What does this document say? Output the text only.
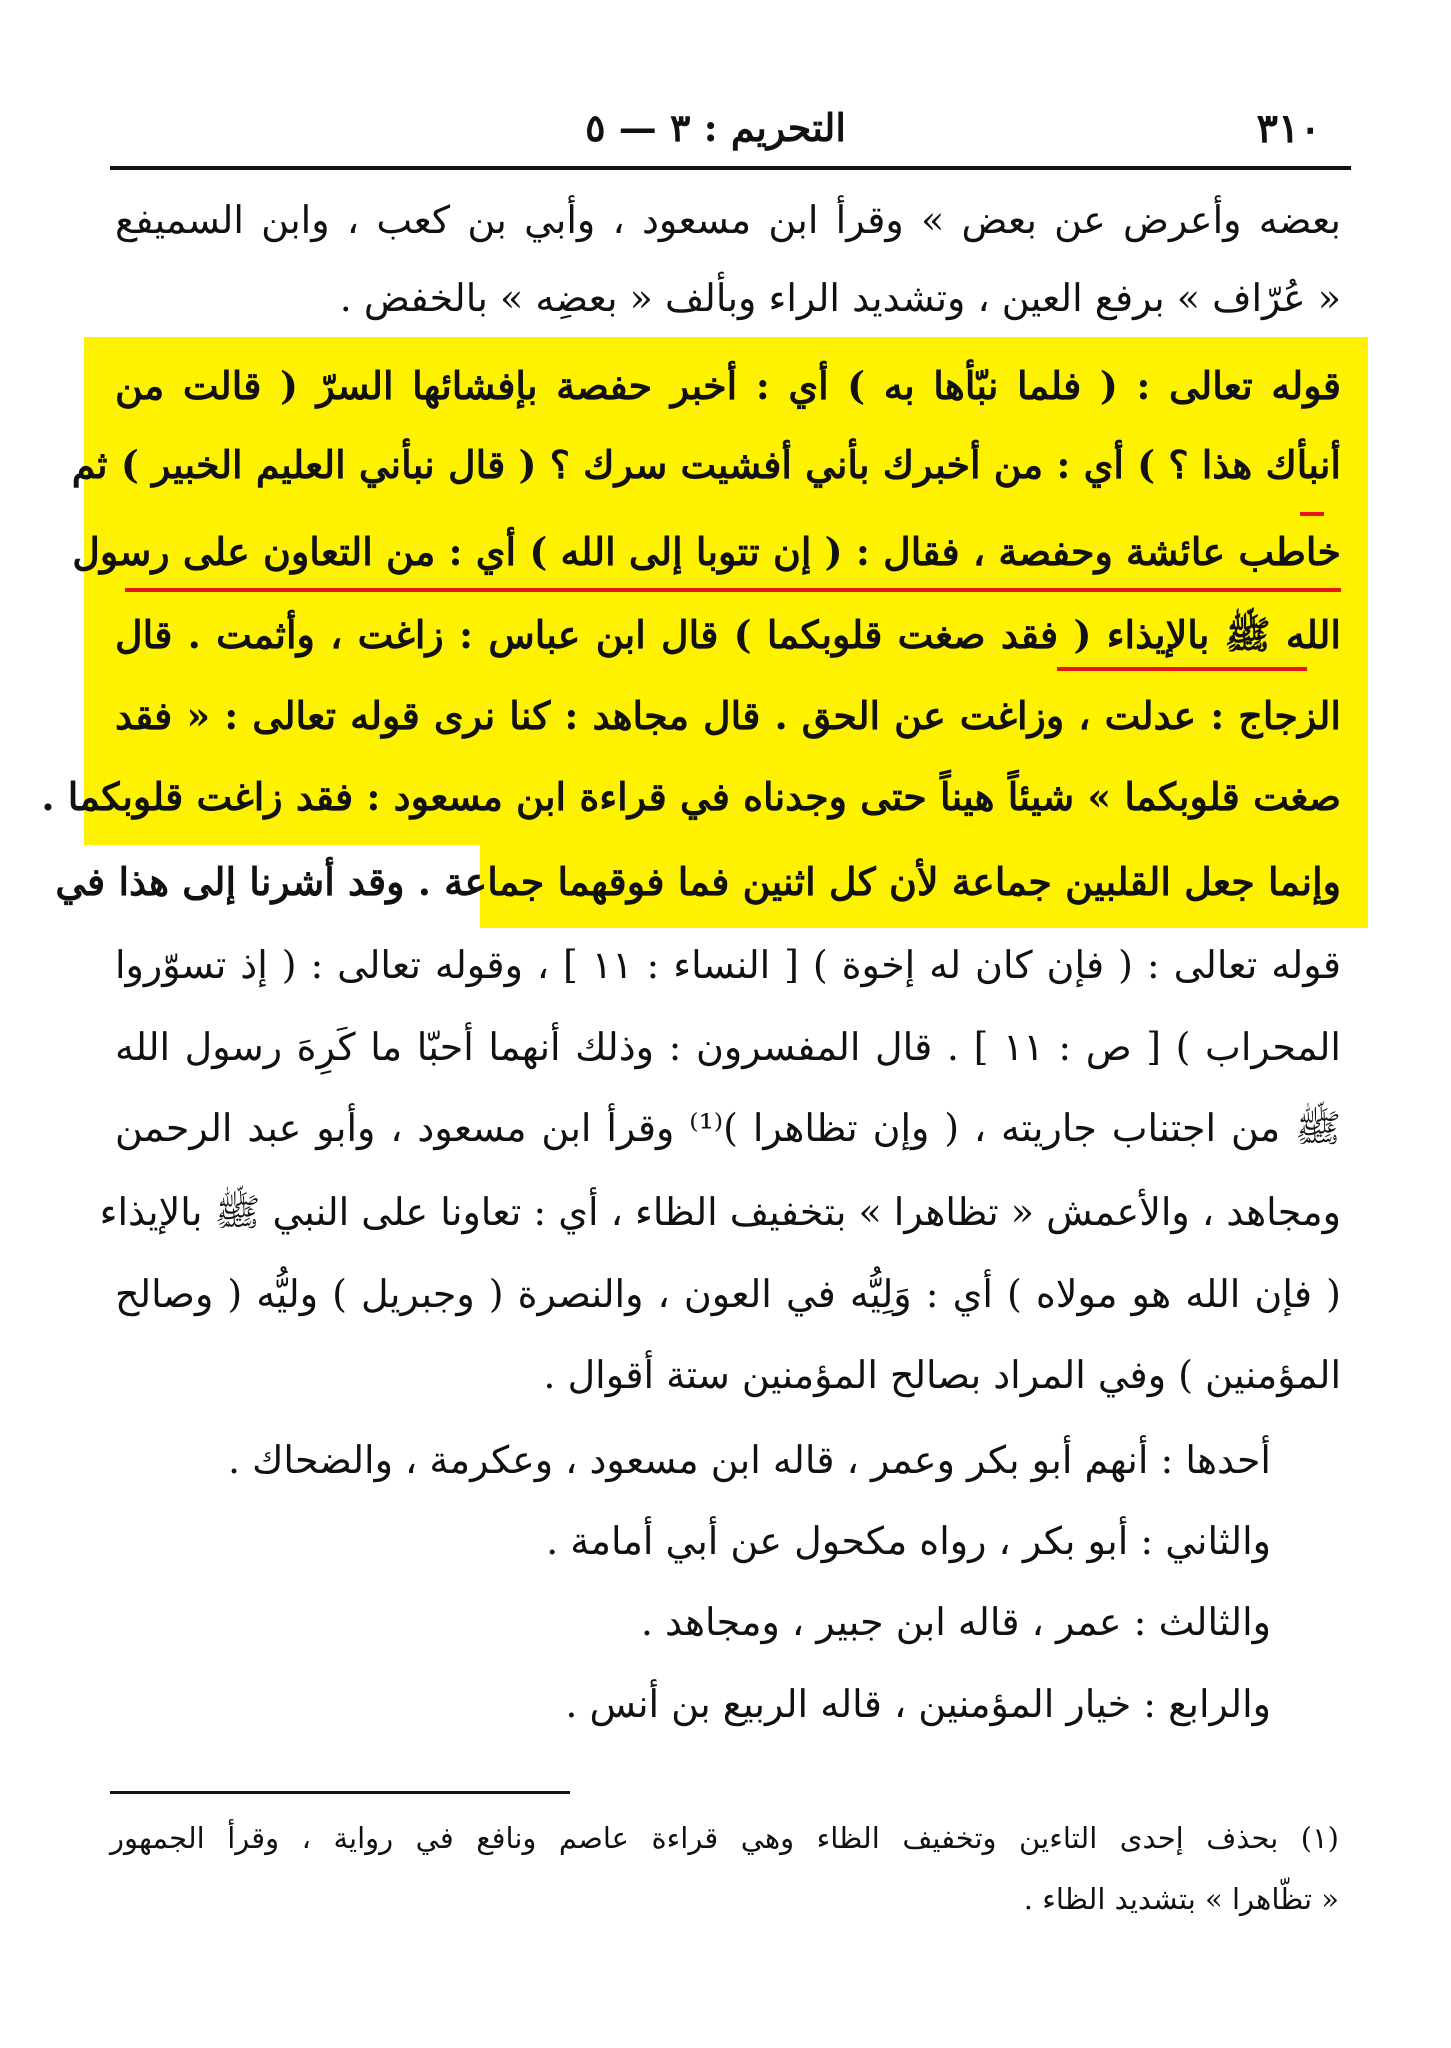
٣١٠
التحريم : ٣ — ٥
بعضه وأعرض عن بعض » وقرأ ابن مسعود ، وأبي بن كعب ، وابن السميفع
« عُرّاف » برفع العين ، وتشديد الراء وبألف « بعضِه » بالخفض .
قوله تعالى : ( فلما نبّأها به ) أي : أخبر حفصة بإفشائها السرّ ( قالت من
أنبأك هذا ؟ ) أي : من أخبرك بأني أفشيت سرك ؟ ( قال نبأني العليم الخبير ) ثم
خاطب عائشة وحفصة ، فقال : ( إن تتوبا إلى الله ) أي : من التعاون على رسول
الله ﷺ بالإيذاء ( فقد صغت قلوبكما ) قال ابن عباس : زاغت ، وأثمت . قال
الزجاج : عدلت ، وزاغت عن الحق . قال مجاهد : كنا نرى قوله تعالى : « فقد
صغت قلوبكما » شيئاً هيناً حتى وجدناه في قراءة ابن مسعود : فقد زاغت قلوبكما .
وإنما جعل القلبين جماعة لأن كل اثنين فما فوقهما جماعة . وقد أشرنا إلى هذا في
قوله تعالى : ( فإن كان له إخوة ) [ النساء : ١١ ] ، وقوله تعالى : ( إذ تسوّروا
المحراب ) [ ص : ١١ ] . قال المفسرون : وذلك أنهما أحبّا ما كَرِهَ رسول الله
ﷺ من اجتناب جاريته ، ( وإن تظاهرا )⁽¹⁾ وقرأ ابن مسعود ، وأبو عبد الرحمن
ومجاهد ، والأعمش « تظاهرا » بتخفيف الظاء ، أي : تعاونا على النبي ﷺ بالإيذاء
( فإن الله هو مولاه ) أي : وَلِيُّه في العون ، والنصرة ( وجبريل ) وليُّه ( وصالح
المؤمنين ) وفي المراد بصالح المؤمنين ستة أقوال .
أحدها : أنهم أبو بكر وعمر ، قاله ابن مسعود ، وعكرمة ، والضحاك .
والثاني : أبو بكر ، رواه مكحول عن أبي أمامة .
والثالث : عمر ، قاله ابن جبير ، ومجاهد .
والرابع : خيار المؤمنين ، قاله الربيع بن أنس .
(١) بحذف إحدى التاءين وتخفيف الظاء وهي قراءة عاصم ونافع في رواية ، وقرأ الجمهور
« تظّاهرا » بتشديد الظاء .
